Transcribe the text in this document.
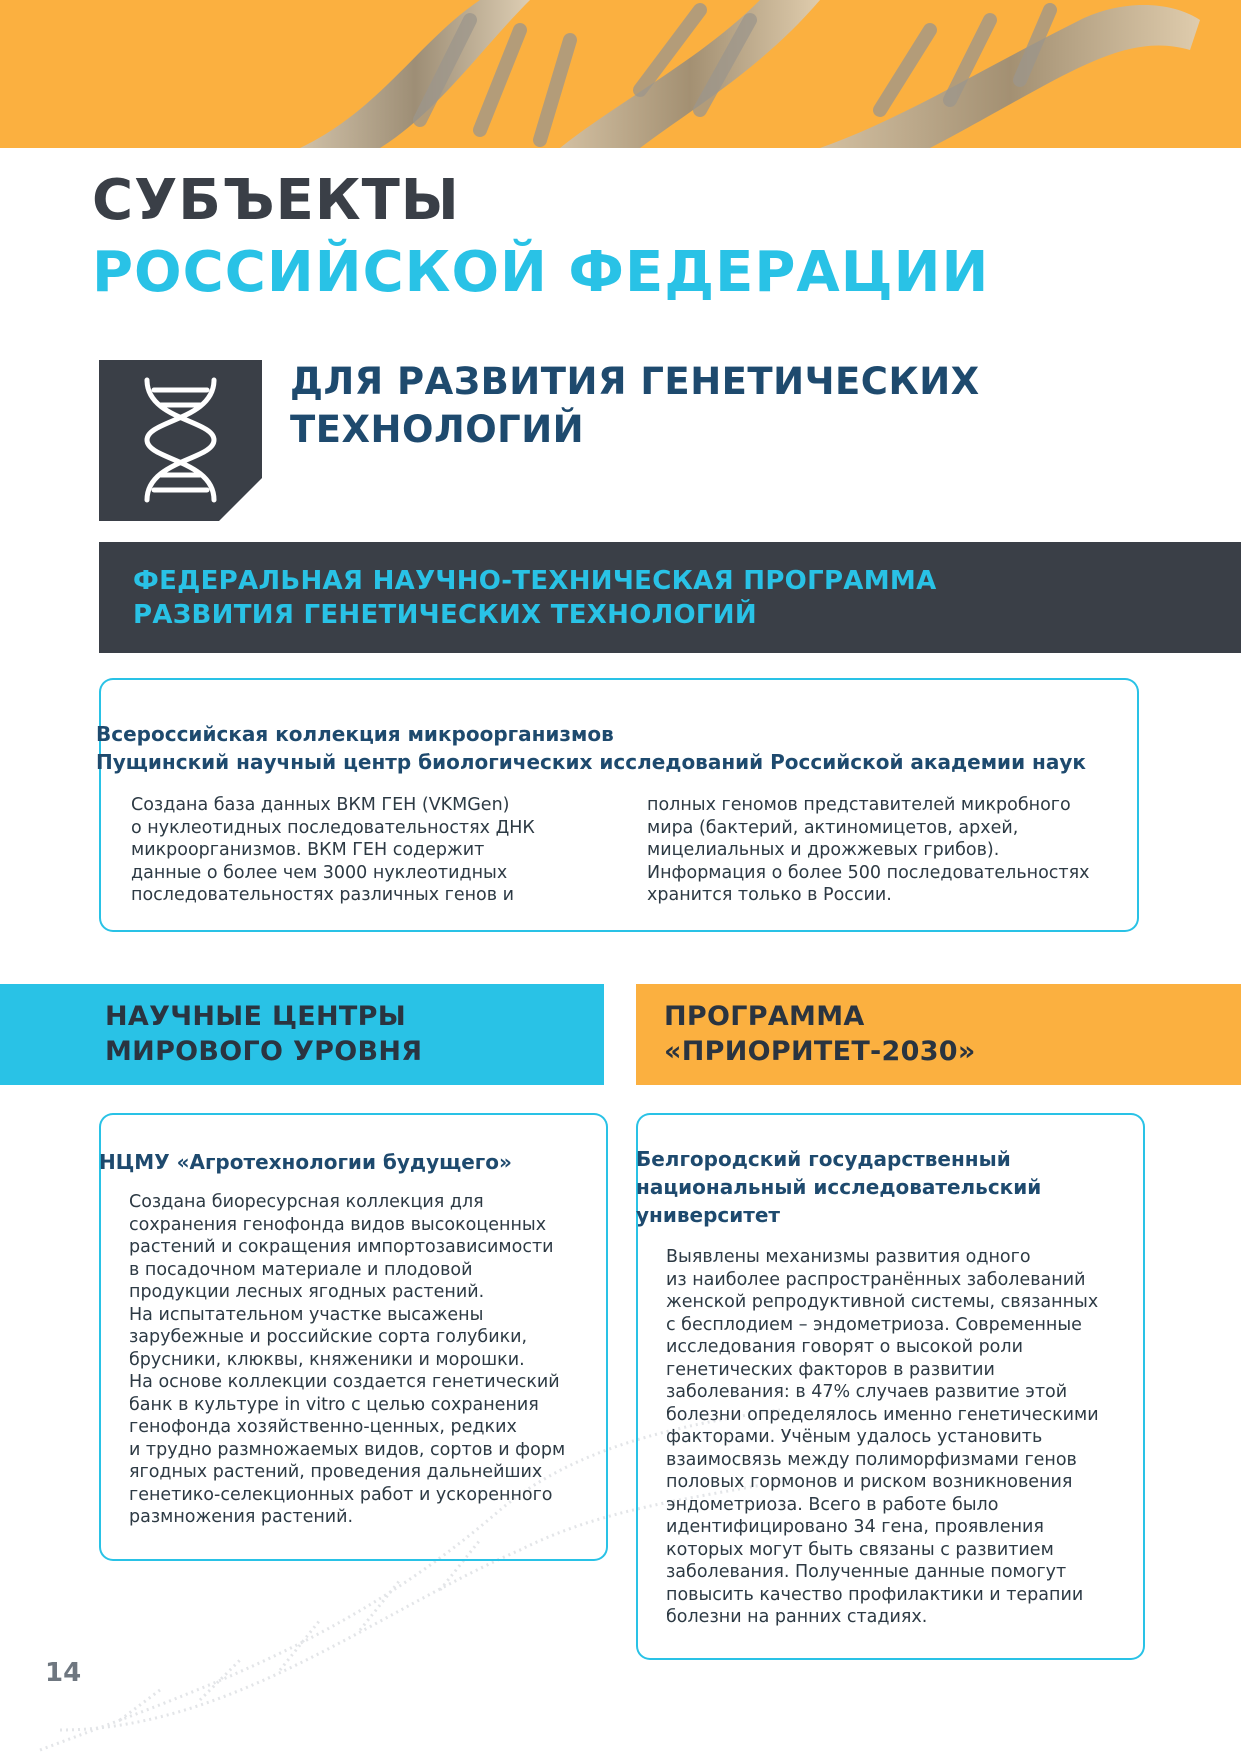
СУБЪЕКТЫ
РОССИЙСКОЙ ФЕДЕРАЦИИ
ДЛЯ РАЗВИТИЯ ГЕНЕТИЧЕСКИХ
ТЕХНОЛОГИЙ
ФЕДЕРАЛЬНАЯ НАУЧНО-ТЕХНИЧЕСКАЯ ПРОГРАММА
РАЗВИТИЯ ГЕНЕТИЧЕСКИХ ТЕХНОЛОГИЙ
Всероссийская коллекция микроорганизмов
Пущинский научный центр биологических исследований Российской академии наук
Создана база данных ВКМ ГЕН (VKMGen)
о нуклеотидных последовательностях ДНК
микроорганизмов. ВКМ ГЕН содержит
данные о более чем 3000 нуклеотидных
последовательностях различных генов и
полных геномов представителей микробного
мира (бактерий, актиномицетов, архей,
мицелиальных и дрожжевых грибов).
Информация о более 500 последовательностях
хранится только в России.
НАУЧНЫЕ ЦЕНТРЫ
МИРОВОГО УРОВНЯ
ПРОГРАММА
«ПРИОРИТЕТ-2030»
НЦМУ «Агротехнологии будущего»
Создана биоресурсная коллекция для
сохранения генофонда видов высокоценных
растений и сокращения импортозависимости
в посадочном материале и плодовой
продукции лесных ягодных растений.
На испытательном участке высажены
зарубежные и российские сорта голубики,
брусники, клюквы, княженики и морошки.
На основе коллекции создается генетический
банк в культуре in vitro с целью сохранения
генофонда хозяйственно-ценных, редких
и трудно размножаемых видов, сортов и форм
ягодных растений, проведения дальнейших
генетико-селекционных работ и ускоренного
размножения растений.
Белгородский государственный
национальный исследовательский
университет
Выявлены механизмы развития одного
из наиболее распространённых заболеваний
женской репродуктивной системы, связанных
с бесплодием – эндометриоза. Современные
исследования говорят о высокой роли
генетических факторов в развитии
заболевания: в 47% случаев развитие этой
болезни определялось именно генетическими
факторами. Учёным удалось установить
взаимосвязь между полиморфизмами генов
половых гормонов и риском возникновения
эндометриоза. Всего в работе было
идентифицировано 34 гена, проявления
которых могут быть связаны с развитием
заболевания. Полученные данные помогут
повысить качество профилактики и терапии
болезни на ранних стадиях.
14
